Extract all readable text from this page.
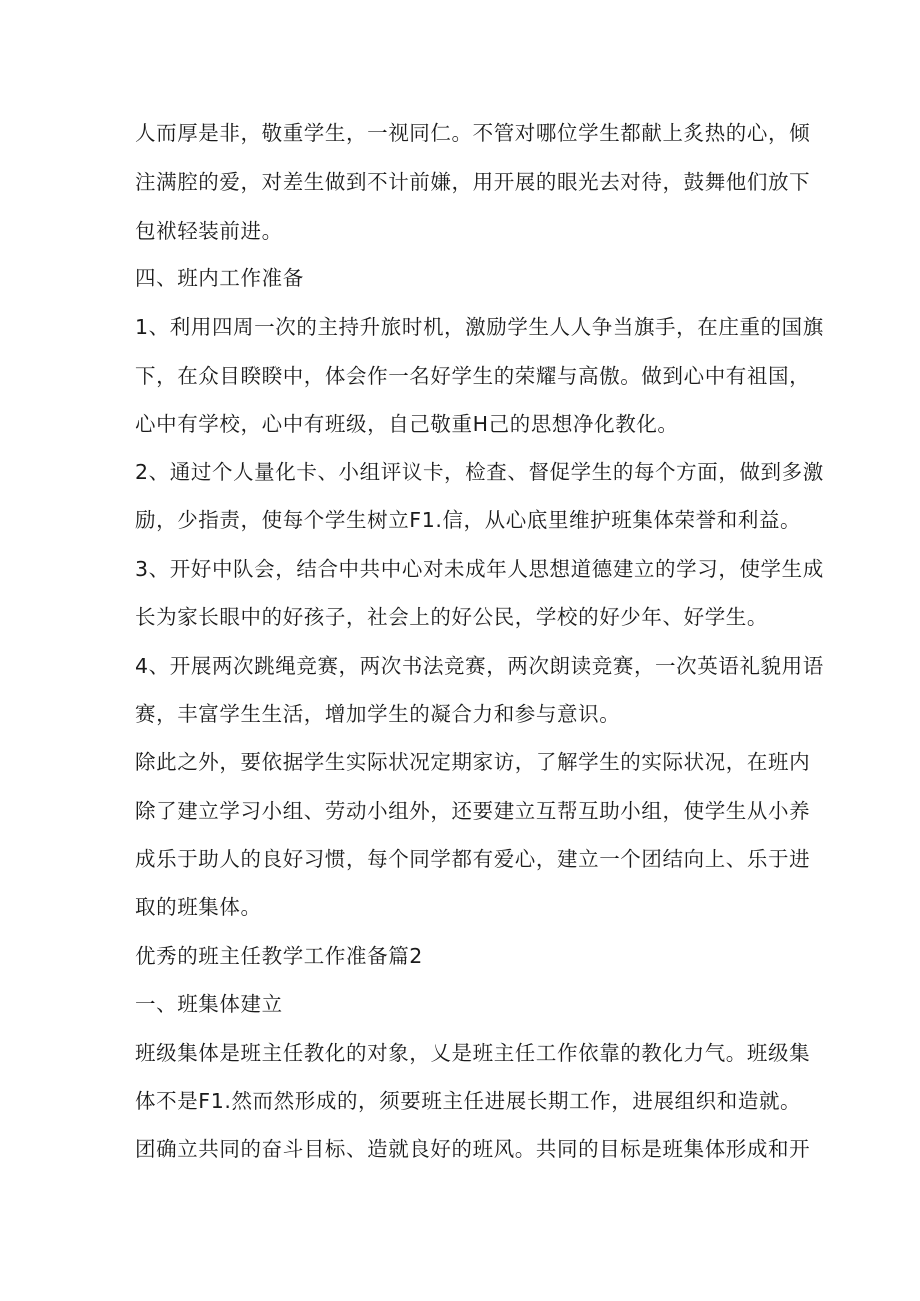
人而厚是非，敬重学生，一视同仁。不管对哪位学生都献上炙热的心，倾

注满腔的爱，对差生做到不计前嫌，用开展的眼光去对待，鼓舞他们放下

包袱轻装前进。

四、班内工作准备

1、利用四周一次的主持升旅时机，激励学生人人争当旗手，在庄重的国旗

下，在众目睽睽中，体会作一名好学生的荣耀与高傲。做到心中有祖国，

心中有学校，心中有班级，自己敬重H己的思想净化教化。

2、通过个人量化卡、小组评议卡，检査、督促学生的每个方面，做到多激

励，少指责，使每个学生树立F1.信，从心底里维护班集体荣誉和利益。

3、开好中队会，结合中共中心对未成年人思想道德建立的学习，使学生成

长为家长眼中的好孩子，社会上的好公民，学校的好少年、好学生。

4、开展两次跳绳竞赛，两次书法竞赛，两次朗读竞赛，一次英语礼貌用语

赛，丰富学生生活，增加学生的凝合力和参与意识。

除此之外，要依据学生实际状况定期家访，了解学生的实际状况，在班内

除了建立学习小组、劳动小组外，还要建立互帮互助小组，使学生从小养

成乐于助人的良好习惯，每个同学都有爱心，建立一个团结向上、乐于进

取的班集体。

优秀的班主任教学工作准备篇2

一、班集体建立

班级集体是班主任教化的对象，乂是班主任工作依靠的教化力气。班级集

体不是F1.然而然形成的，须要班主任进展长期工作，进展组织和造就。

团确立共同的奋斗目标、造就良好的班风。共同的目标是班集体形成和开
